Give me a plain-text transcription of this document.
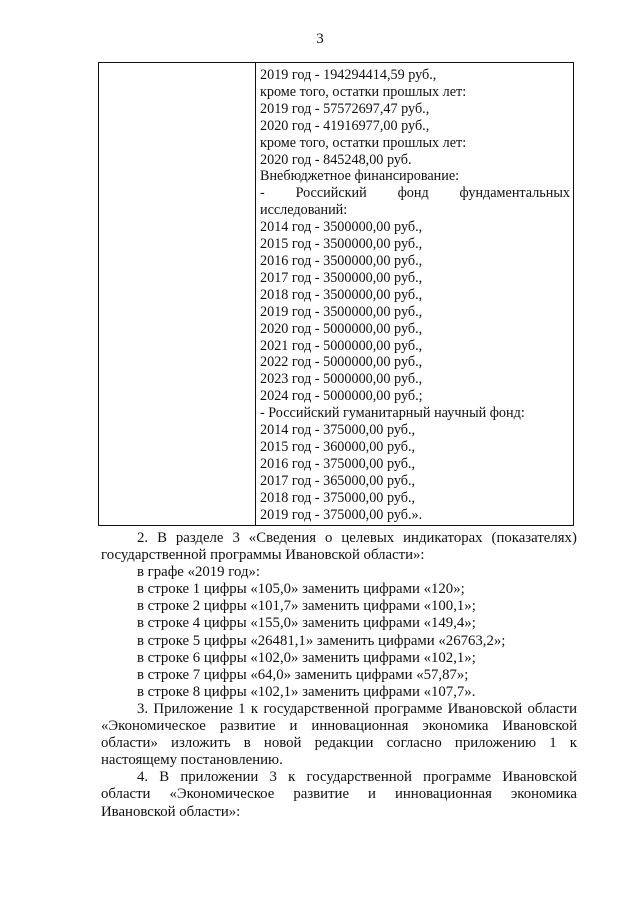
3
2019 год - 194294414,59 руб.,
кроме того, остатки прошлых лет:
2019 год - 57572697,47 руб.,
2020 год - 41916977,00 руб.,
кроме того, остатки прошлых лет:
2020 год - 845248,00 руб.
Внебюджетное финансирование:
- Российский фонд фундаментальных
исследований:
2014 год - 3500000,00 руб.,
2015 год - 3500000,00 руб.,
2016 год - 3500000,00 руб.,
2017 год - 3500000,00 руб.,
2018 год - 3500000,00 руб.,
2019 год - 3500000,00 руб.,
2020 год - 5000000,00 руб.,
2021 год - 5000000,00 руб.,
2022 год - 5000000,00 руб.,
2023 год - 5000000,00 руб.,
2024 год - 5000000,00 руб.;
- Российский гуманитарный научный фонд:
2014 год - 375000,00 руб.,
2015 год - 360000,00 руб.,
2016 год - 375000,00 руб.,
2017 год - 365000,00 руб.,
2018 год - 375000,00 руб.,
2019 год - 375000,00 руб.».
2. В разделе 3 «Сведения о целевых индикаторах (показателях)
государственной программы Ивановской области»:
в графе «2019 год»:
в строке 1 цифры «105,0» заменить цифрами «120»;
в строке 2 цифры «101,7» заменить цифрами «100,1»;
в строке 4 цифры «155,0» заменить цифрами «149,4»;
в строке 5 цифры «26481,1» заменить цифрами «26763,2»;
в строке 6 цифры «102,0» заменить цифрами «102,1»;
в строке 7 цифры «64,0» заменить цифрами «57,87»;
в строке 8 цифры «102,1» заменить цифрами «107,7».

3. Приложение 1 к государственной программе Ивановской области «Экономическое развитие и инновационная экономика Ивановской области» изложить в новой редакции согласно приложению 1 к настоящему постановлению.

4. В приложении 3 к государственной программе Ивановской области «Экономическое развитие и инновационная экономика Ивановской области»:
